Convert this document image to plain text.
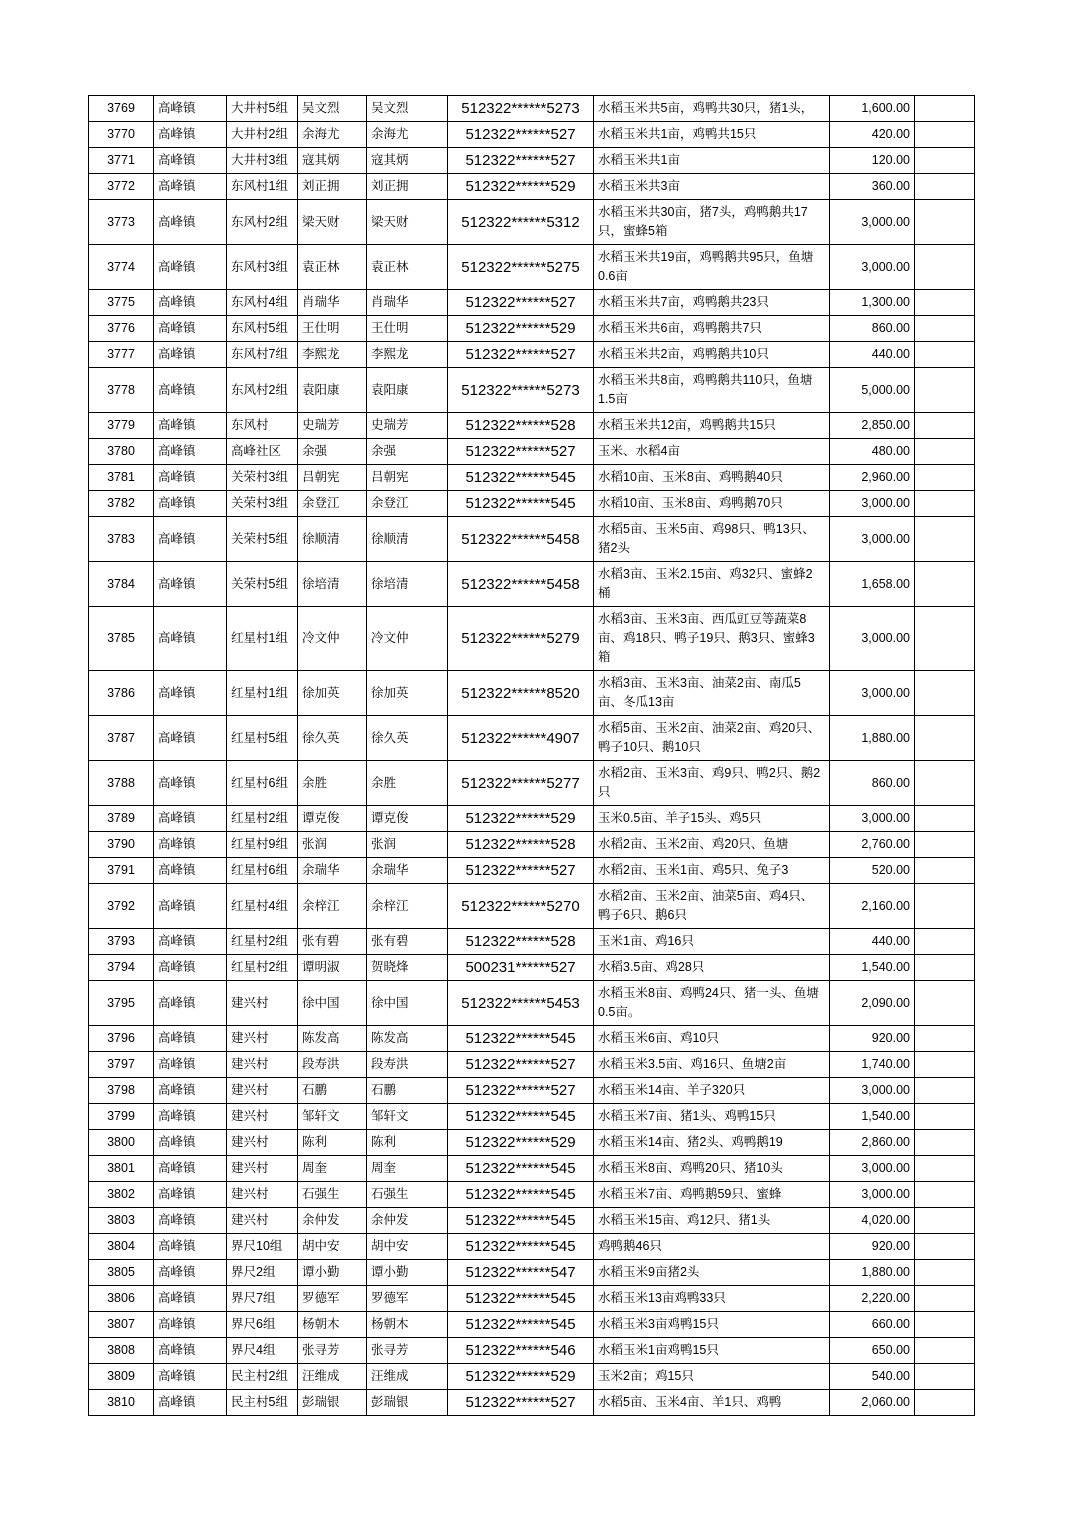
3769	高峰镇	大井村5组	吴文烈	吴文烈	512322******5273	水稻玉米共5亩，鸡鸭共30只，猪1头，	1,600.00	
3770	高峰镇	大井村2组	余海尤	余海尤	512322******527	水稻玉米共1亩，鸡鸭共15只	420.00	
3771	高峰镇	大井村3组	寇其炳	寇其炳	512322******527	水稻玉米共1亩	120.00	
3772	高峰镇	东风村1组	刘正拥	刘正拥	512322******529	水稻玉米共3亩	360.00	
3773	高峰镇	东风村2组	梁天财	梁天财	512322******5312	水稻玉米共30亩，猪7头，鸡鸭鹅共17只，蜜蜂5箱	3,000.00	
3774	高峰镇	东风村3组	袁正林	袁正林	512322******5275	水稻玉米共19亩，鸡鸭鹅共95只，鱼塘0.6亩	3,000.00	
3775	高峰镇	东风村4组	肖瑞华	肖瑞华	512322******527	水稻玉米共7亩，鸡鸭鹅共23只	1,300.00	
3776	高峰镇	东风村5组	王仕明	王仕明	512322******529	水稻玉米共6亩，鸡鸭鹅共7只	860.00	
3777	高峰镇	东风村7组	李熙龙	李熙龙	512322******527	水稻玉米共2亩，鸡鸭鹅共10只	440.00	
3778	高峰镇	东风村2组	袁阳康	袁阳康	512322******5273	水稻玉米共8亩，鸡鸭鹅共110只，鱼塘1.5亩	5,000.00	
3779	高峰镇	东风村	史瑞芳	史瑞芳	512322******528	水稻玉米共12亩，鸡鸭鹅共15只	2,850.00	
3780	高峰镇	高峰社区	余强	余强	512322******527	玉米、水稻4亩	480.00	
3781	高峰镇	关荣村3组	吕朝宪	吕朝宪	512322******545	水稻10亩、玉米8亩、鸡鸭鹅40只	2,960.00	
3782	高峰镇	关荣村3组	余登江	余登江	512322******545	水稻10亩、玉米8亩、鸡鸭鹅70只	3,000.00	
3783	高峰镇	关荣村5组	徐顺清	徐顺清	512322******5458	水稻5亩、玉米5亩、鸡98只、鸭13只、猪2头	3,000.00	
3784	高峰镇	关荣村5组	徐培清	徐培清	512322******5458	水稻3亩、玉米2.15亩、鸡32只、蜜蜂2桶	1,658.00	
3785	高峰镇	红星村1组	冷文仲	冷文仲	512322******5279	水稻3亩、玉米3亩、西瓜豇豆等蔬菜8亩、鸡18只、鸭子19只、鹅3只、蜜蜂3箱	3,000.00	
3786	高峰镇	红星村1组	徐加英	徐加英	512322******8520	水稻3亩、玉米3亩、油菜2亩、南瓜5亩、冬瓜13亩	3,000.00	
3787	高峰镇	红星村5组	徐久英	徐久英	512322******4907	水稻5亩、玉米2亩、油菜2亩、鸡20只、鸭子10只、鹅10只	1,880.00	
3788	高峰镇	红星村6组	余胜	余胜	512322******5277	水稻2亩、玉米3亩、鸡9只、鸭2只、鹅2只	860.00	
3789	高峰镇	红星村2组	谭克俊	谭克俊	512322******529	玉米0.5亩、羊子15头、鸡5只	3,000.00	
3790	高峰镇	红星村9组	张润	张润	512322******528	水稻2亩、玉米2亩、鸡20只、鱼塘	2,760.00	
3791	高峰镇	红星村6组	余瑞华	余瑞华	512322******527	水稻2亩、玉米1亩、鸡5只、兔子3	520.00	
3792	高峰镇	红星村4组	余梓江	余梓江	512322******5270	水稻2亩、玉米2亩、油菜5亩、鸡4只、鸭子6只、鹅6只	2,160.00	
3793	高峰镇	红星村2组	张有碧	张有碧	512322******528	玉米1亩、鸡16只	440.00	
3794	高峰镇	红星村2组	谭明淑	贺晓烽	500231******527	水稻3.5亩、鸡28只	1,540.00	
3795	高峰镇	建兴村	徐中国	徐中国	512322******5453	水稻玉米8亩、鸡鸭24只、猪一头、鱼塘0.5亩。	2,090.00	
3796	高峰镇	建兴村	陈发高	陈发高	512322******545	水稻玉米6亩、鸡10只	920.00	
3797	高峰镇	建兴村	段寿洪	段寿洪	512322******527	水稻玉米3.5亩、鸡16只、鱼塘2亩	1,740.00	
3798	高峰镇	建兴村	石鹏	石鹏	512322******527	水稻玉米14亩、羊子320只	3,000.00	
3799	高峰镇	建兴村	邹轩文	邹轩文	512322******545	水稻玉米7亩、猪1头、鸡鸭15只	1,540.00	
3800	高峰镇	建兴村	陈利	陈利	512322******529	水稻玉米14亩、猪2头、鸡鸭鹅19	2,860.00	
3801	高峰镇	建兴村	周奎	周奎	512322******545	水稻玉米8亩、鸡鸭20只、猪10头	3,000.00	
3802	高峰镇	建兴村	石强生	石强生	512322******545	水稻玉米7亩、鸡鸭鹅59只、蜜蜂	3,000.00	
3803	高峰镇	建兴村	余仲发	余仲发	512322******545	水稻玉米15亩、鸡12只、猪1头	4,020.00	
3804	高峰镇	界尺10组	胡中安	胡中安	512322******545	鸡鸭鹅46只	920.00	
3805	高峰镇	界尺2组	谭小勤	谭小勤	512322******547	水稻玉米9亩猪2头	1,880.00	
3806	高峰镇	界尺7组	罗德军	罗德军	512322******545	水稻玉米13亩鸡鸭33只	2,220.00	
3807	高峰镇	界尺6组	杨朝木	杨朝木	512322******545	水稻玉米3亩鸡鸭15只	660.00	
3808	高峰镇	界尺4组	张寻芳	张寻芳	512322******546	水稻玉米1亩鸡鸭15只	650.00	
3809	高峰镇	民主村2组	汪维成	汪维成	512322******529	玉米2亩；鸡15只	540.00	
3810	高峰镇	民主村5组	彭瑞银	彭瑞银	512322******527	水稻5亩、玉米4亩、羊1只、鸡鸭	2,060.00	
